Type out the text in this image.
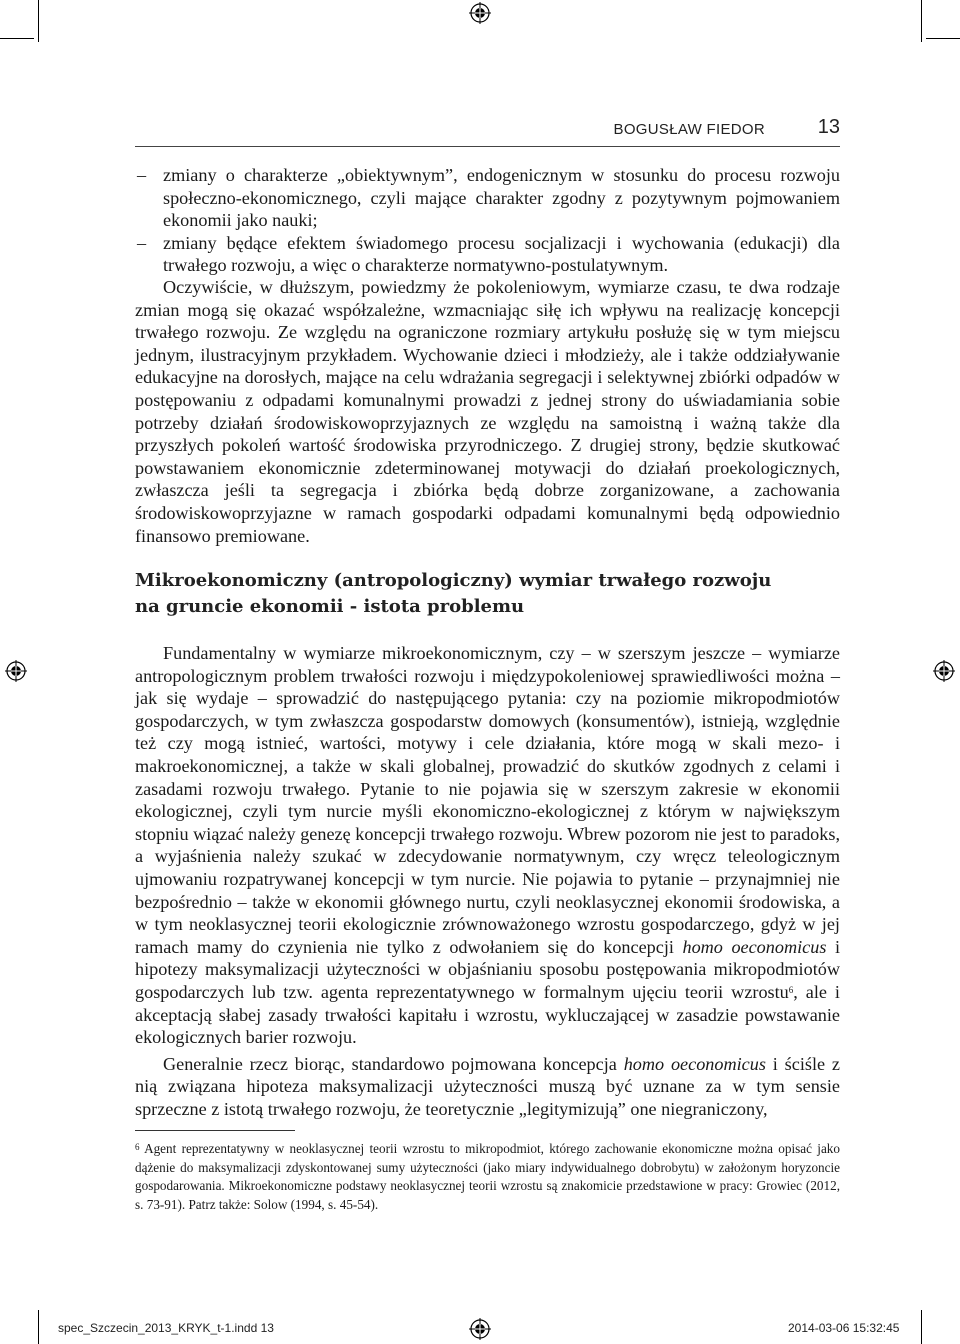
BOGUSŁAW FIEDOR	13
– zmiany o charakterze „obiektywnym”, endogenicznym w stosunku do procesu rozwoju społeczno-ekonomicznego, czyli mające charakter zgodny z pozytywnym pojmowaniem ekonomii jako nauki;
– zmiany będące efektem świadomego procesu socjalizacji i wychowania (edukacji) dla trwałego rozwoju, a więc o charakterze normatywno-postulatywnym.

Oczywiście, w dłuższym, powiedzmy że pokoleniowym, wymiarze czasu, te dwa rodzaje zmian mogą się okazać współzależne, wzmacniając siłę ich wpływu na realizację koncepcji trwałego rozwoju. Ze względu na ograniczone rozmiary artykułu posłużę się w tym miejscu jednym, ilustracyjnym przykładem. Wychowanie dzieci i młodzieży, ale i także oddziaływanie edukacyjne na dorosłych, mające na celu wdrażania segregacji i selektywnej zbiórki odpadów w postępowaniu z odpadami komunalnymi prowadzi z jednej strony do uświadamiania sobie potrzeby działań środowiskowoprzyjaznych ze względu na samoistną i ważną także dla przyszłych pokoleń wartość środowiska przyrodniczego. Z drugiej strony, będzie skutkować powstawaniem ekonomicznie zdeterminowanej motywacji do działań proekologicznych, zwłaszcza jeśli ta segregacja i zbiórka będą dobrze zorganizowane, a zachowania środowiskowoprzyjazne w ramach gospodarki odpadami komunalnymi będą odpowiednio finansowo premiowane.

Mikroekonomiczny (antropologiczny) wymiar trwałego rozwoju
na gruncie ekonomii - istota problemu

Fundamentalny w wymiarze mikroekonomicznym, czy – w szerszym jeszcze – wymiarze antropologicznym problem trwałości rozwoju i międzypokoleniowej sprawiedliwości można – jak się wydaje – sprowadzić do następującego pytania: czy na poziomie mikropodmiotów gospodarczych, w tym zwłaszcza gospodarstw domowych (konsumentów), istnieją, względnie też czy mogą istnieć, wartości, motywy i cele działania, które mogą w skali mezo- i makroekonomicznej, a także w skali globalnej, prowadzić do skutków zgodnych z celami i zasadami rozwoju trwałego. Pytanie to nie pojawia się w szerszym zakresie w ekonomii ekologicznej, czyli tym nurcie myśli ekonomiczno-ekologicznej z którym w największym stopniu wiązać należy genezę koncepcji trwałego rozwoju. Wbrew pozorom nie jest to paradoks, a wyjaśnienia należy szukać w zdecydowanie normatywnym, czy wręcz teleologicznym ujmowaniu rozpatrywanej koncepcji w tym nurcie. Nie pojawia to pytanie – przynajmniej nie bezpośrednio – także w ekonomii głównego nurtu, czyli neoklasycznej ekonomii środowiska, a w tym neoklasycznej teorii ekologicznie zrównoważonego wzrostu gospodarczego, gdyż w jej ramach mamy do czynienia nie tylko z odwołaniem się do koncepcji homo oeconomicus i hipotezy maksymalizacji użyteczności w objaśnianiu sposobu postępowania mikropodmiotów gospodarczych lub tzw. agenta reprezentatywnego w formalnym ujęciu teorii wzrostu$^6$, ale i akceptacją słabej zasady trwałości kapitału i wzrostu, wykluczającej w zasadzie powstawanie ekologicznych barier rozwoju.

Generalnie rzecz biorąc, standardowo pojmowana koncepcja homo oeconomicus i ściśle z nią związana hipoteza maksymalizacji użyteczności muszą być uznane za w tym sensie sprzeczne z istotą trwałego rozwoju, że teoretycznie „legitymizują” one niegraniczony,

$^6$ Agent reprezentatywny w neoklasycznej teorii wzrostu to mikropodmiot, którego zachowanie ekonomiczne można opisać jako dążenie do maksymalizacji zdyskontowanej sumy użyteczności (jako miary indywidualnego dobrobytu) w założonym horyzoncie gospodarowania. Mikroekonomiczne podstawy neoklasycznej teorii wzrostu są znakomicie przedstawione w pracy: Growiec (2012, s. 73-91). Patrz także: Solow (1994, s. 45-54).
spec_Szczecin_2013_KRYK_t-1.indd 13	2014-03-06 15:32:45
